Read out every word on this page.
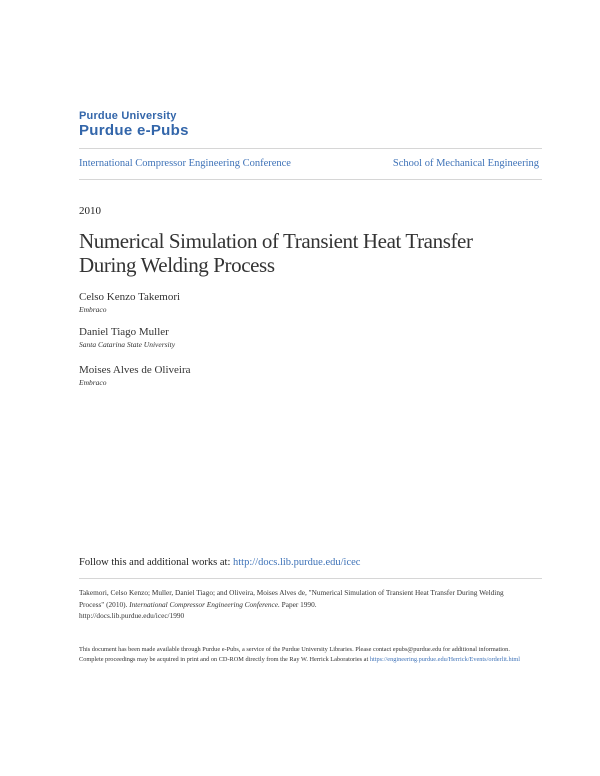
Purdue University
Purdue e-Pubs
International Compressor Engineering Conference	School of Mechanical Engineering
2010
Numerical Simulation of Transient Heat Transfer
During Welding Process
Celso Kenzo Takemori
Embraco
Daniel Tiago Muller
Santa Catarina State University
Moises Alves de Oliveira
Embraco
Follow this and additional works at: http://docs.lib.purdue.edu/icec
Takemori, Celso Kenzo; Muller, Daniel Tiago; and Oliveira, Moises Alves de, "Numerical Simulation of Transient Heat Transfer During Welding Process" (2010). International Compressor Engineering Conference. Paper 1990.
http://docs.lib.purdue.edu/icec/1990
This document has been made available through Purdue e-Pubs, a service of the Purdue University Libraries. Please contact epubs@purdue.edu for additional information.
Complete proceedings may be acquired in print and on CD-ROM directly from the Ray W. Herrick Laboratories at https://engineering.purdue.edu/Herrick/Events/orderlit.html
